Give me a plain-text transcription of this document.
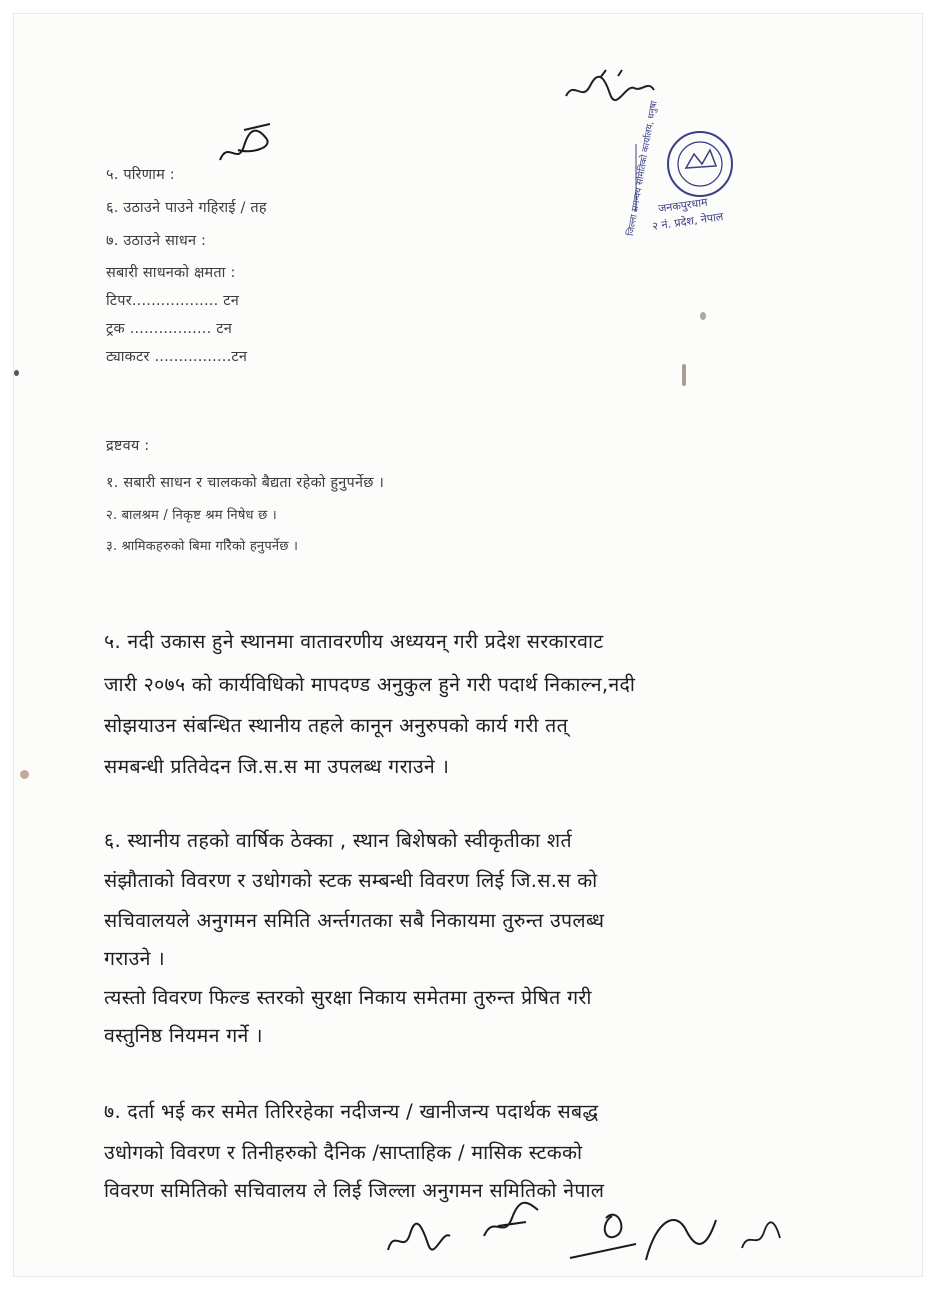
जिल्ला समन्वय समितिको कार्यालय, धनुषा
जनकपुरधाम
२ नं. प्रदेश, नेपाल
५. परिणाम :
६. उठाउने पाउने गहिराई / तह
७. उठाउने साधन :
सबारी साधनको क्षमता :
टिपर.................. टन
ट्रक ................. टन
ट्याकटर ................टन
द्रष्टवय :
१. सबारी साधन र चालकको बैद्यता रहेको हुनुपर्नेछ ।
२. बालश्रम / निकृष्ट श्रम निषेध छ ।
३. श्रामिकहरुको बिमा गरिैको हनुपर्नेछ ।
५. नदी उकास हुने स्थानमा वातावरणीय अध्ययन् गरी प्रदेश सरकारवाट
जारी २०७५ को कार्यविधिको मापदण्ड अनुकुल हुने गरी पदार्थ निकाल्न,नदी
सोझयाउन संबन्धित स्थानीय तहले कानून अनुरुपको कार्य गरी तत्
समबन्धी प्रतिवेदन जि.स.स मा उपलब्ध गराउने ।
६. स्थानीय तहको वार्षिक ठेक्का , स्थान बिशेषको स्वीकृतीका शर्त
संझौताको विवरण र उधोगको स्टक सम्बन्धी विवरण लिई जि.स.स को
सचिवालयले अनुगमन समिति अर्न्तगतका सबै निकायमा तुरुन्त उपलब्ध
गराउने ।
त्यस्तो विवरण फिल्ड स्तरको सुरक्षा निकाय समेतमा तुरुन्त प्रेषित गरी
वस्तुनिष्ठ नियमन गर्ने ।
७. दर्ता भई कर समेत तिरिरहेका नदीजन्य / खानीजन्य पदार्थक सबद्ध
उधोगको विवरण र तिनीहरुको दैनिक /साप्ताहिक / मासिक स्टकको
विवरण समितिको सचिवालय ले लिई जिल्ला अनुगमन समितिको नेपाल
